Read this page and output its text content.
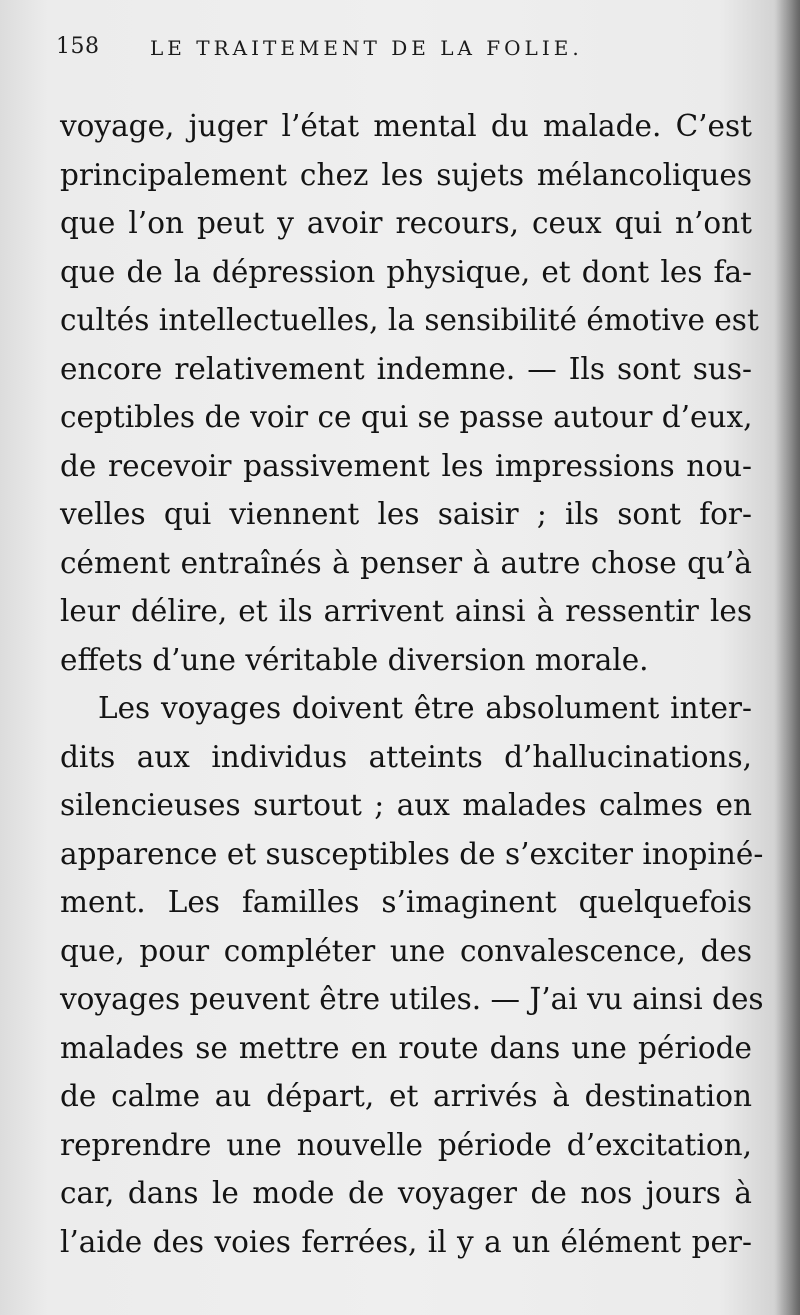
158	LE TRAITEMENT DE LA FOLIE.
voyage, juger l’état mental du malade. C’est
principalement chez les sujets mélancoliques
que l’on peut y avoir recours, ceux qui n’ont
que de la dépression physique, et dont les fa-
cultés intellectuelles, la sensibilité émotive est
encore relativement indemne. — Ils sont sus-
ceptibles de voir ce qui se passe autour d’eux,
de recevoir passivement les impressions nou-
velles qui viennent les saisir ; ils sont for-
cément entraînés à penser à autre chose qu’à
leur délire, et ils arrivent ainsi à ressentir les
effets d’une véritable diversion morale.
Les voyages doivent être absolument inter-
dits aux individus atteints d’hallucinations,
silencieuses surtout ; aux malades calmes en
apparence et susceptibles de s’exciter inopiné-
ment. Les familles s’imaginent quelquefois
que, pour compléter une convalescence, des
voyages peuvent être utiles. — J’ai vu ainsi des
malades se mettre en route dans une période
de calme au départ, et arrivés à destination
reprendre une nouvelle période d’excitation,
car, dans le mode de voyager de nos jours à
l’aide des voies ferrées, il y a un élément per-
